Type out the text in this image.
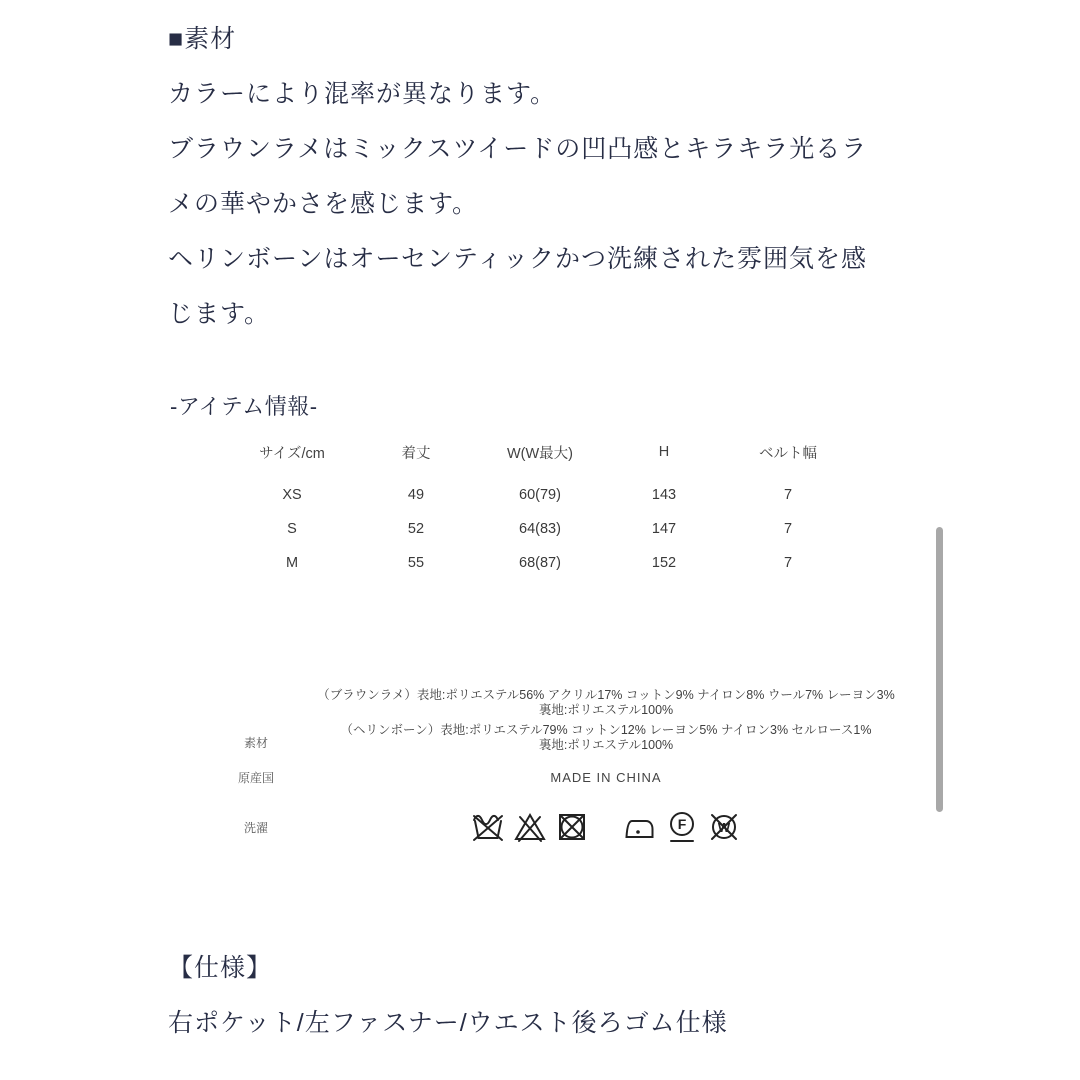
■素材
カラーにより混率が異なります。
ブラウンラメはミックスツイードの凹凸感とキラキラ光るラ
メの華やかさを感じます。
ヘリンボーンはオーセンティックかつ洗練された雰囲気を感
じます。
-アイテム情報-
サイズ/cm	着丈	W(W最大)	H	ベルト幅

XS	49	60(79)	143	7
S	52	64(83)	147	7
M	55	68(87)	152	7
素材
（ブラウンラメ）表地:ポリエステル56% アクリル17% コットン9% ナイロン8% ウール7% レーヨン3%
裏地:ポリエステル100%
（ヘリンボーン）表地:ポリエステル79% コットン12% レーヨン5% ナイロン3% セルロース1%
裏地:ポリエステル100%
原産国	MADE IN CHINA
洗濯	F W
【仕様】
右ポケット/左ファスナー/ウエスト後ろゴム仕様
